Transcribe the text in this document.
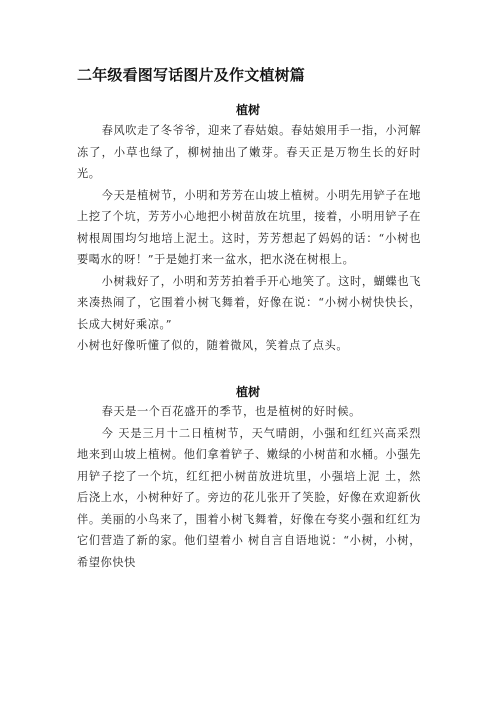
二年级看图写话图片及作文植树篇
植树

春风吹走了冬爷爷，迎来了春姑娘。春姑娘用手一指，小河解冻了，小草也绿了，柳树抽出了嫩芽。春天正是万物生长的好时光。

今天是植树节，小明和芳芳在山坡上植树。小明先用铲子在地上挖了个坑，芳芳小心地把小树苗放在坑里，接着，小明用铲子在树根周围均匀地培上泥土。这时，芳芳想起了妈妈的话：“小树也要喝水的呀！”于是她打来一盆水，把水浇在树根上。

小树栽好了，小明和芳芳拍着手开心地笑了。这时，蝴蝶也飞来凑热闹了，它围着小树飞舞着，好像在说：“小树小树快快长，长成大树好乘凉。”

小树也好像听懂了似的，随着微风，笑着点了点头。

植树

春天是一个百花盛开的季节，也是植树的好时候。

今 天是三月十二日植树节，天气晴朗，小强和红红兴高采烈地来到山坡上植树。他们拿着铲子、嫩绿的小树苗和水桶。小强先用铲子挖了一个坑，红红把小树苗放进坑里，小强培上泥 土，然后浇上水，小树种好了。旁边的花儿张开了笑脸，好像在欢迎新伙伴。美丽的小鸟来了，围着小树飞舞着，好像在夸奖小强和红红为它们营造了新的家。他们望着小 树自言自语地说：“小树，小树，希望你快快
